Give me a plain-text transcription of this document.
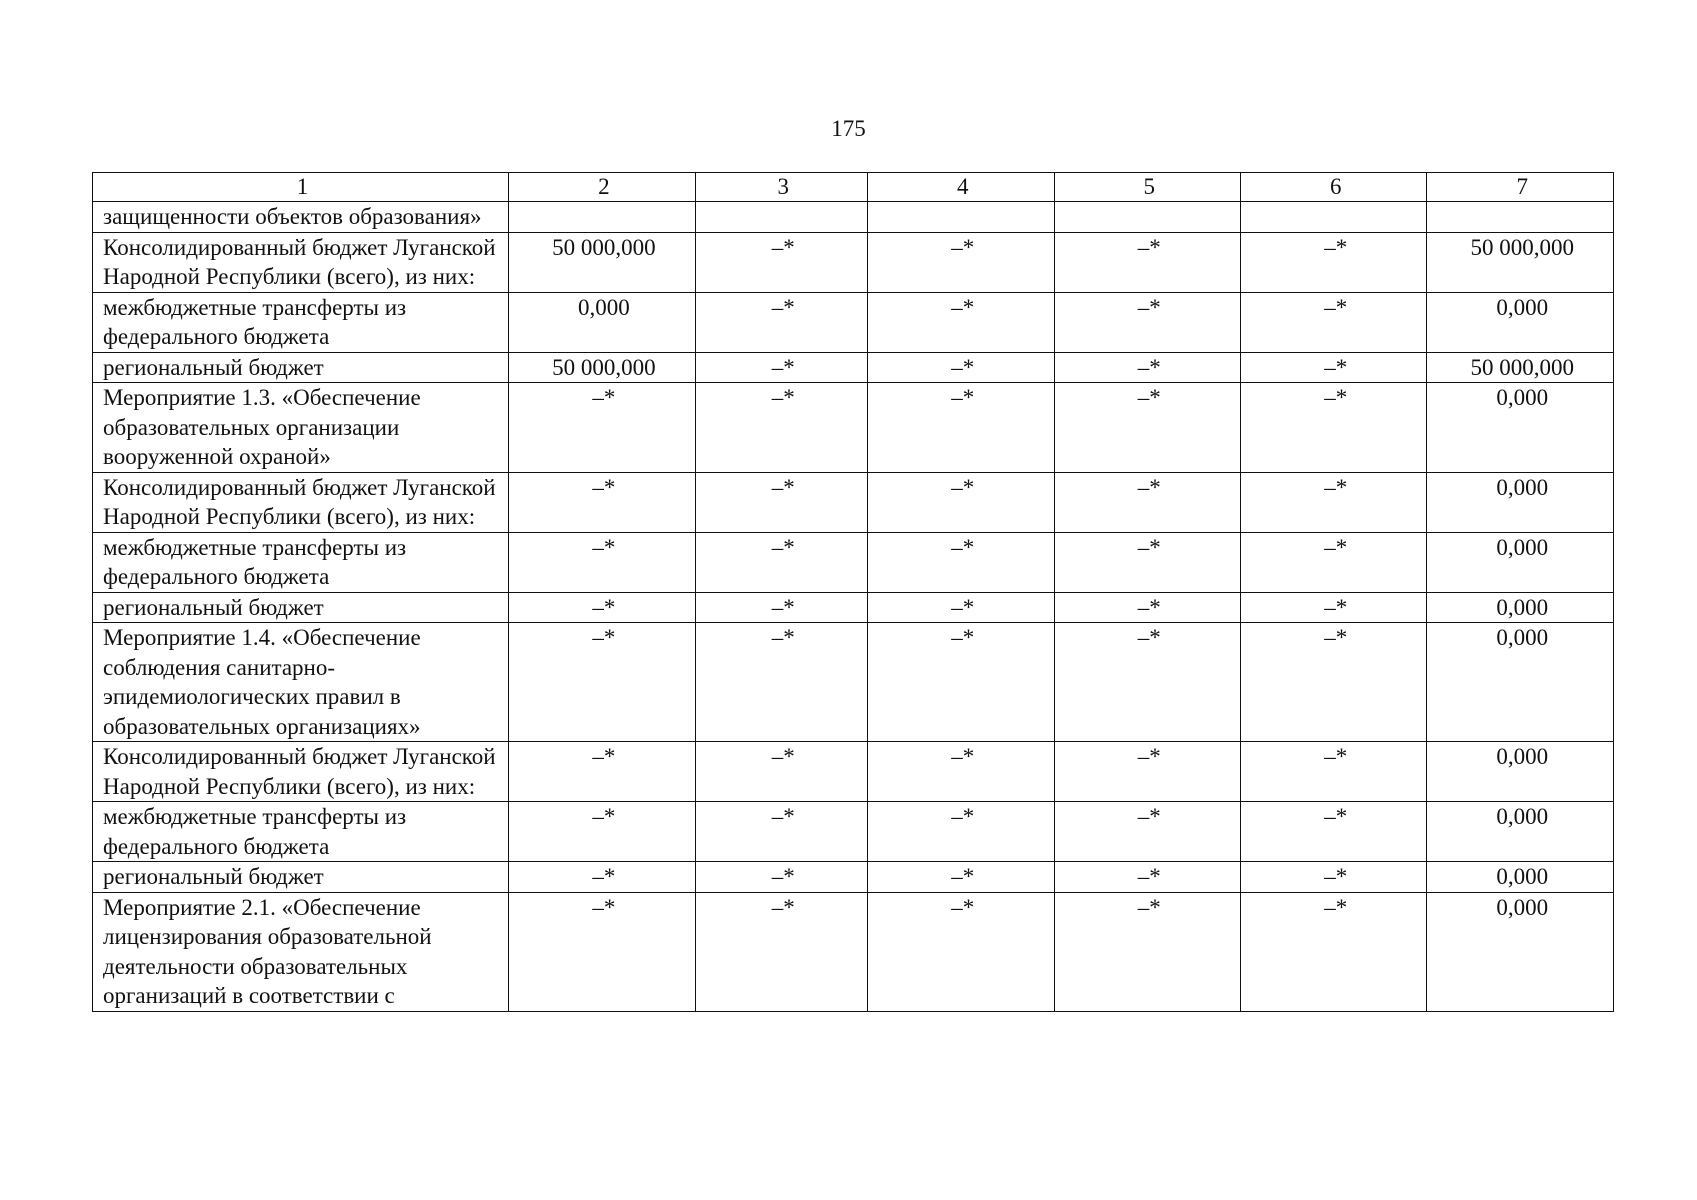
175
1	2	3	4	5	6	7
защищенности объектов образования»						
Консолидированный бюджет Луганской Народной Республики (всего), из них:	50 000,000	–*	–*	–*	–*	50 000,000
межбюджетные трансферты из федерального бюджета	0,000	–*	–*	–*	–*	0,000
региональный бюджет	50 000,000	–*	–*	–*	–*	50 000,000
Мероприятие 1.3. «Обеспечение образовательных организации вооруженной охраной»	–*	–*	–*	–*	–*	0,000
Консолидированный бюджет Луганской Народной Республики (всего), из них:	–*	–*	–*	–*	–*	0,000
межбюджетные трансферты из федерального бюджета	–*	–*	–*	–*	–*	0,000
региональный бюджет	–*	–*	–*	–*	–*	0,000
Мероприятие 1.4. «Обеспечение соблюдения санитарно-эпидемиологических правил в образовательных организациях»	–*	–*	–*	–*	–*	0,000
Консолидированный бюджет Луганской Народной Республики (всего), из них:	–*	–*	–*	–*	–*	0,000
межбюджетные трансферты из федерального бюджета	–*	–*	–*	–*	–*	0,000
региональный бюджет	–*	–*	–*	–*	–*	0,000
Мероприятие 2.1. «Обеспечение лицензирования образовательной деятельности образовательных организаций в соответствии с	–*	–*	–*	–*	–*	0,000
